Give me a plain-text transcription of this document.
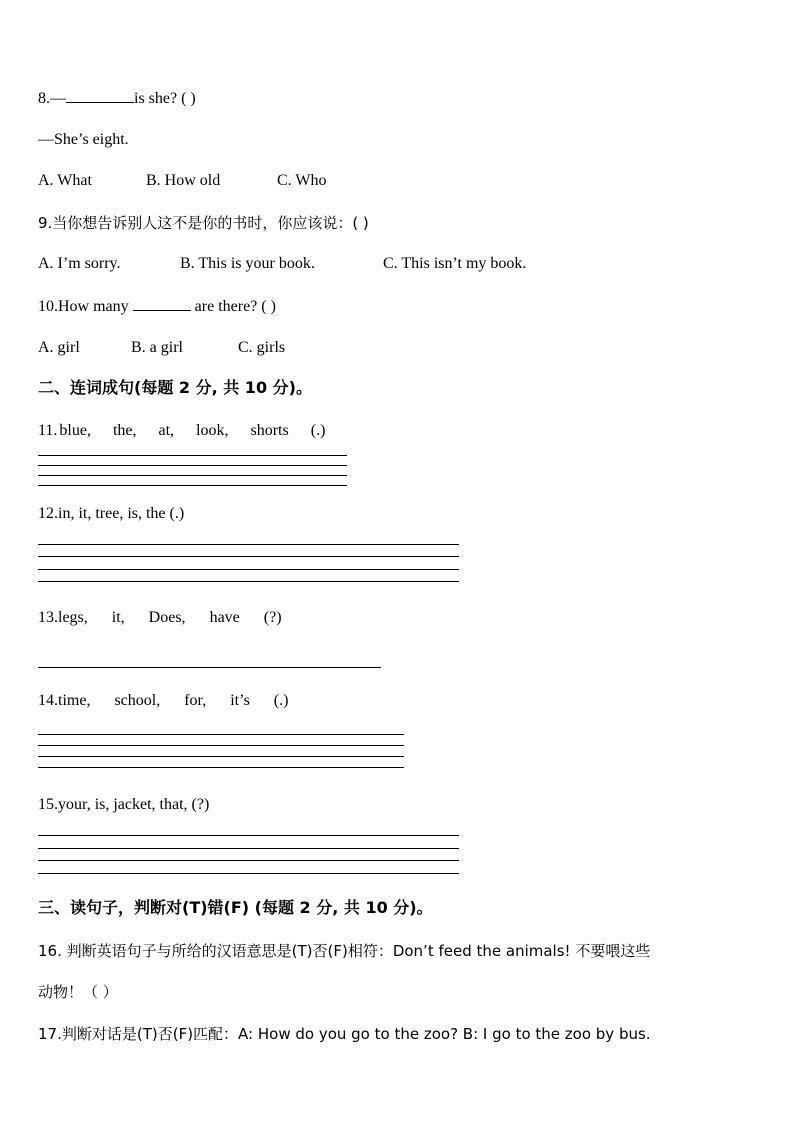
8.—	is she? ( )
—She’s eight.
A. What	B. How old	C. Who
9.当你想告诉别人这不是你的书时，你应该说：( )
A. I’m sorry.	B. This is your book.	C. This isn’t my book.
10.How many	are there? ( )
A. girl	B. a girl	C. girls
二、连词成句(每题 2 分, 共 10 分)。
11. blue, the, at, look, shorts (.)
12.in, it, tree, is, the (.)
13.legs, it, Does, have (?)
14.time, school, for, it’s (.)
15.your, is, jacket, that, (?)
三、读句子，判断对(T)错(F) (每题 2 分, 共 10 分)。
16. 判断英语句子与所给的汉语意思是(T)否(F)相符：Don’t feed the animals! 不要喂这些
动物！（ ）
17.判断对话是(T)否(F)匹配：A: How do you go to the zoo? B: I go to the zoo by bus.
